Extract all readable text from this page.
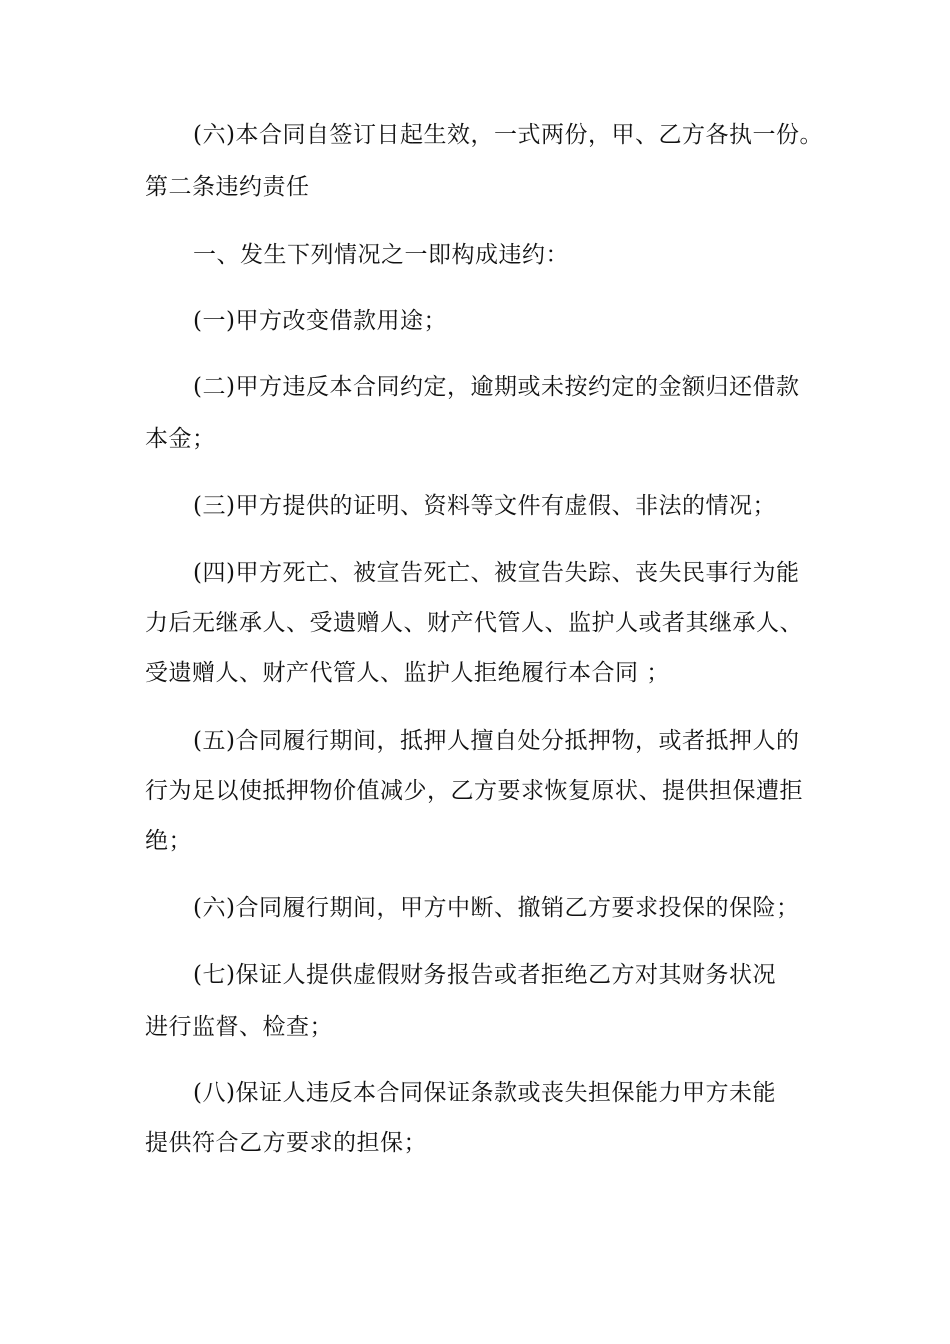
(六)本合同自签订日起生效，一式两份，甲、乙方各执一份。
第二条违约责任
一、发生下列情况之一即构成违约：
(一)甲方改变借款用途；
(二)甲方违反本合同约定，逾期或未按约定的金额归还借款
本金；
(三)甲方提供的证明、资料等文件有虚假、非法的情况；
(四)甲方死亡、被宣告死亡、被宣告失踪、丧失民事行为能
力后无继承人、受遗赠人、财产代管人、监护人或者其继承人、
受遗赠人、财产代管人、监护人拒绝履行本合同 ；
(五)合同履行期间，抵押人擅自处分抵押物，或者抵押人的
行为足以使抵押物价值减少，乙方要求恢复原状、提供担保遭拒
绝；
(六)合同履行期间，甲方中断、撤销乙方要求投保的保险；
(七)保证人提供虚假财务报告或者拒绝乙方对其财务状况
进行监督、检查；
(八)保证人违反本合同保证条款或丧失担保能力甲方未能
提供符合乙方要求的担保；
